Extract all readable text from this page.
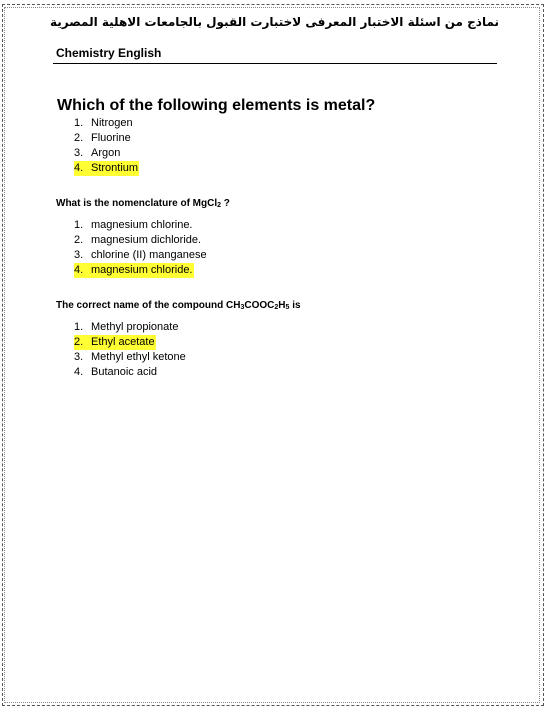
نماذج من اسئلة الاختبار المعرفى لاختبارت القبول بالجامعات الاهلية المصرية
Chemistry English
Which of the following elements is metal?
1. Nitrogen
2. Fluorine
3. Argon
4. Strontium
What is the nomenclature of MgCl$_2$ ?
1. magnesium chlorine.
2. magnesium dichloride.
3. chlorine (II) manganese
4. magnesium chloride.
The correct name of the compound $CH_3COOC_2H_5$ is
1. Methyl propionate
2. Ethyl acetate
3. Methyl ethyl ketone
4. Butanoic acid
